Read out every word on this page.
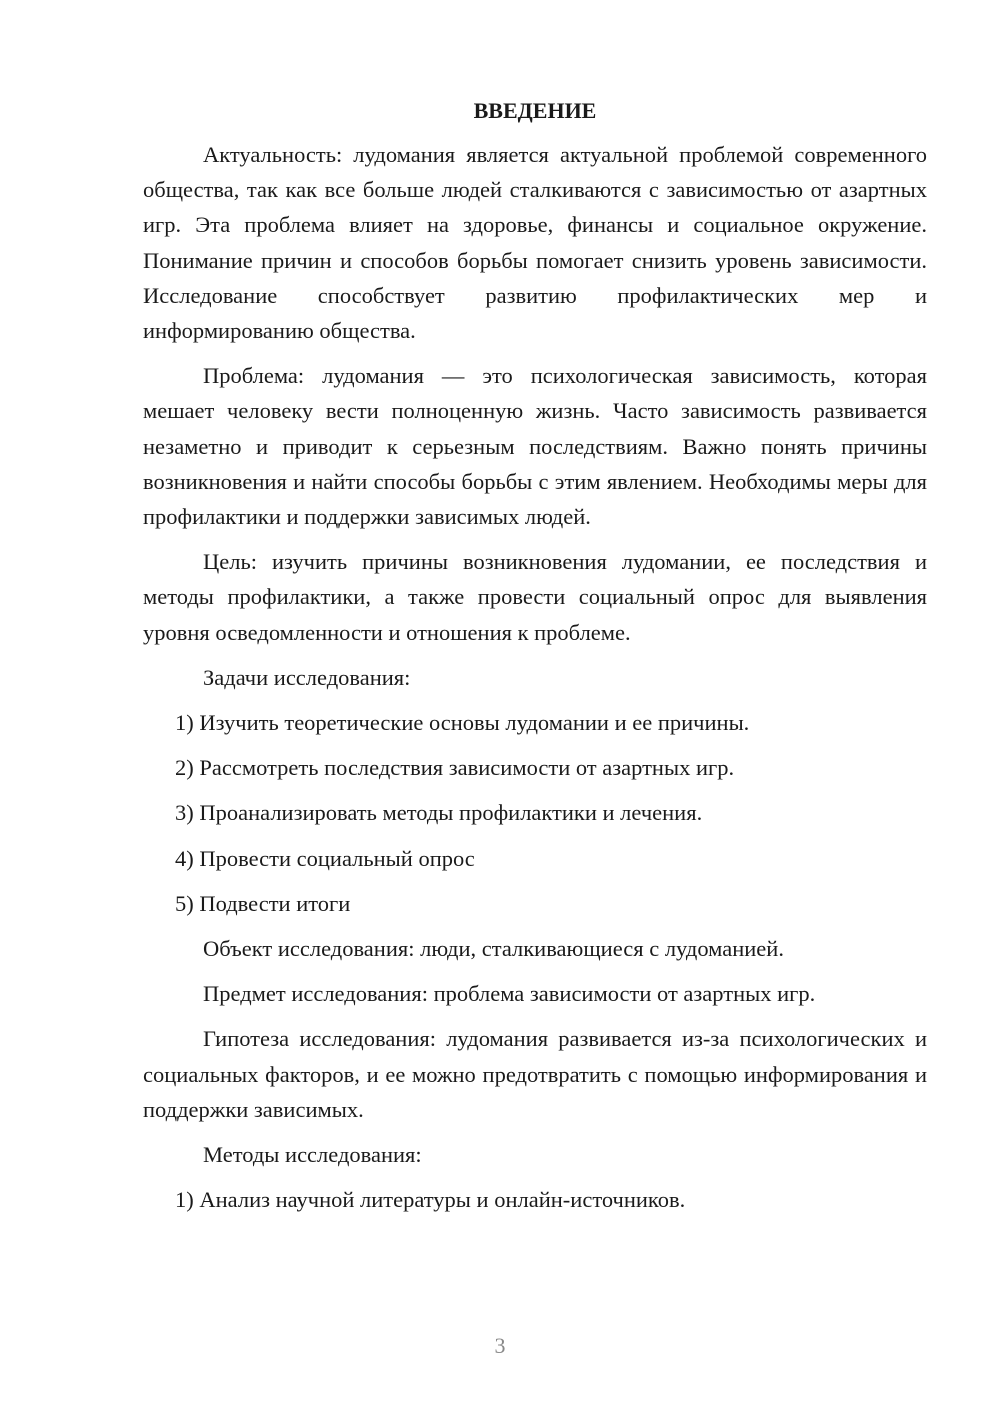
ВВЕДЕНИЕ

Актуальность: лудомания является актуальной проблемой современного общества, так как все больше людей сталкиваются с зависимостью от азартных игр. Эта проблема влияет на здоровье, финансы и социальное окружение. Понимание причин и способов борьбы помогает снизить уровень зависимости. Исследование способствует развитию профилактических мер и информированию общества.

Проблема: лудомания — это психологическая зависимость, которая мешает человеку вести полноценную жизнь. Часто зависимость развивается незаметно и приводит к серьезным последствиям. Важно понять причины возникновения и найти способы борьбы с этим явлением. Необходимы меры для профилактики и поддержки зависимых людей.

Цель: изучить причины возникновения лудомании, ее последствия и методы профилактики, а также провести социальный опрос для выявления уровня осведомленности и отношения к проблеме.

Задачи исследования:

1) Изучить теоретические основы лудомании и ее причины.
2) Рассмотреть последствия зависимости от азартных игр.
3) Проанализировать методы профилактики и лечения.
4) Провести социальный опрос
5) Подвести итоги

Объект исследования: люди, сталкивающиеся с лудоманией.

Предмет исследования: проблема зависимости от азартных игр.

Гипотеза исследования: лудомания развивается из-за психологических и социальных факторов, и ее можно предотвратить с помощью информирования и поддержки зависимых.

Методы исследования:

1) Анализ научной литературы и онлайн-источников.
3
